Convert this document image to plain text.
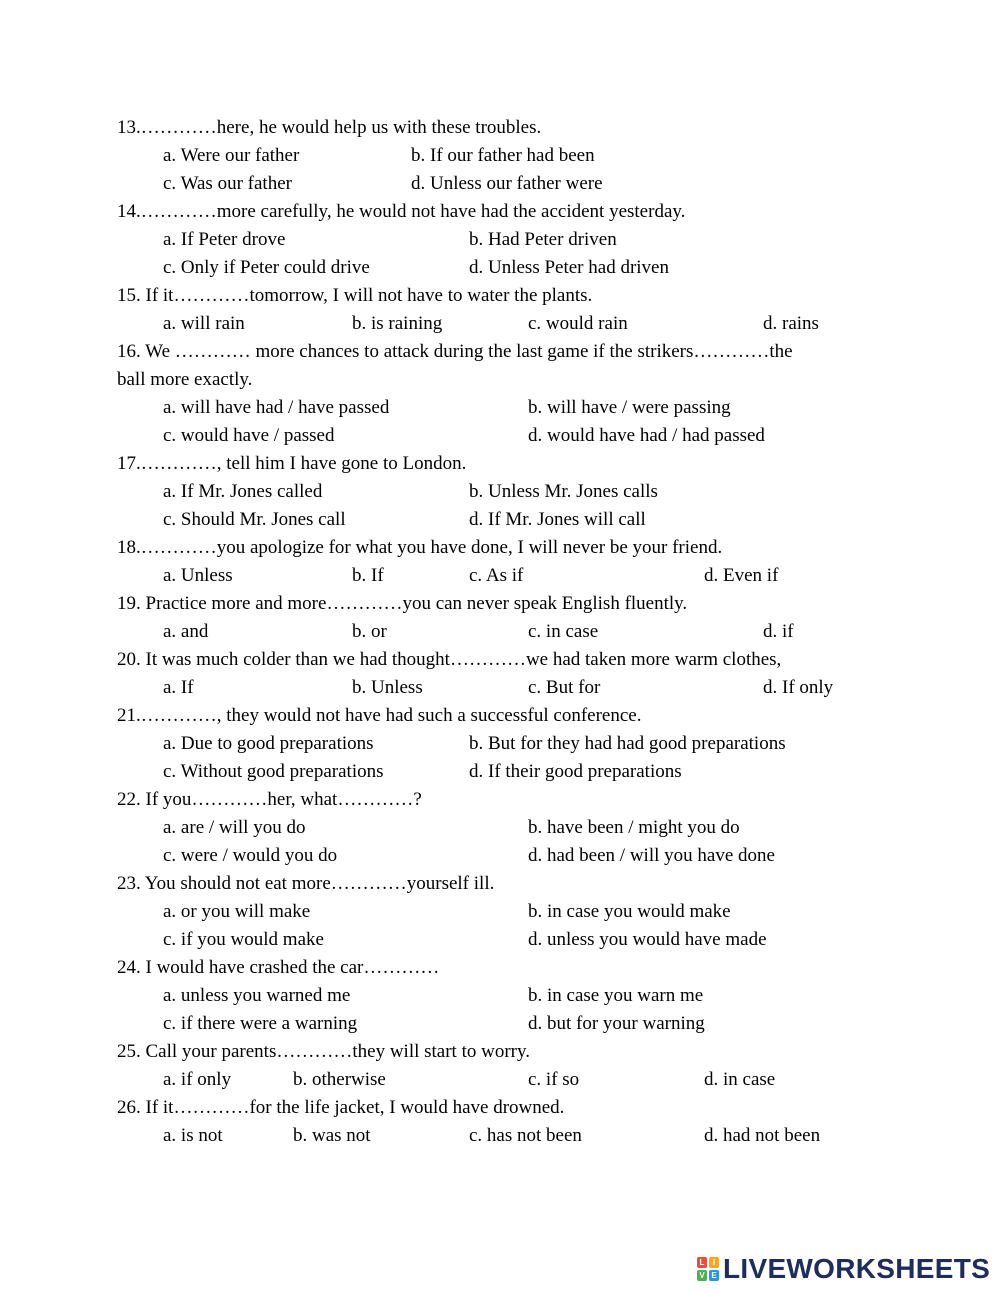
13.…………here, he would help us with these troubles.
a. Were our father	b. If our father had been
c. Was our father	d. Unless our father were
14.…………more carefully, he would not have had the accident yesterday.
a. If Peter drove	b. Had Peter driven
c. Only if Peter could drive	d. Unless Peter had driven
15. If it…………tomorrow, I will not have to water the plants.
a. will rain	b. is raining	c. would rain	d. rains
16. We ………… more chances to attack during the last game if the strikers…………the
ball more exactly.
a. will have had / have passed	b. will have / were passing
c. would have / passed	d. would have had / had passed
17.…………, tell him I have gone to London.
a. If Mr. Jones called	b. Unless Mr. Jones calls
c. Should Mr. Jones call	d. If Mr. Jones will call
18.…………you apologize for what you have done, I will never be your friend.
a. Unless	b. If	c. As if	d. Even if
19. Practice more and more…………you can never speak English fluently.
a. and	b. or	c. in case	d. if
20. It was much colder than we had thought…………we had taken more warm clothes,
a. If	b. Unless	c. But for	d. If only
21.…………, they would not have had such a successful conference.
a. Due to good preparations	b. But for they had had good preparations
c. Without good preparations	d. If their good preparations
22. If you…………her, what…………?
a. are / will you do	b. have been / might you do
c. were / would you do	d. had been / will you have done
23. You should not eat more…………yourself ill.
a. or you will make	b. in case you would make
c. if you would make	d. unless you would have made
24. I would have crashed the car…………
a. unless you warned me	b. in case you warn me
c. if there were a warning	d. but for your warning
25. Call your parents…………they will start to worry.
a. if only	b. otherwise	c. if so	d. in case
26. If it…………for the life jacket, I would have drowned.
a. is not	b. was not	c. has not been	d. had not been
L	I
V E LIVEWORKSHEETS
